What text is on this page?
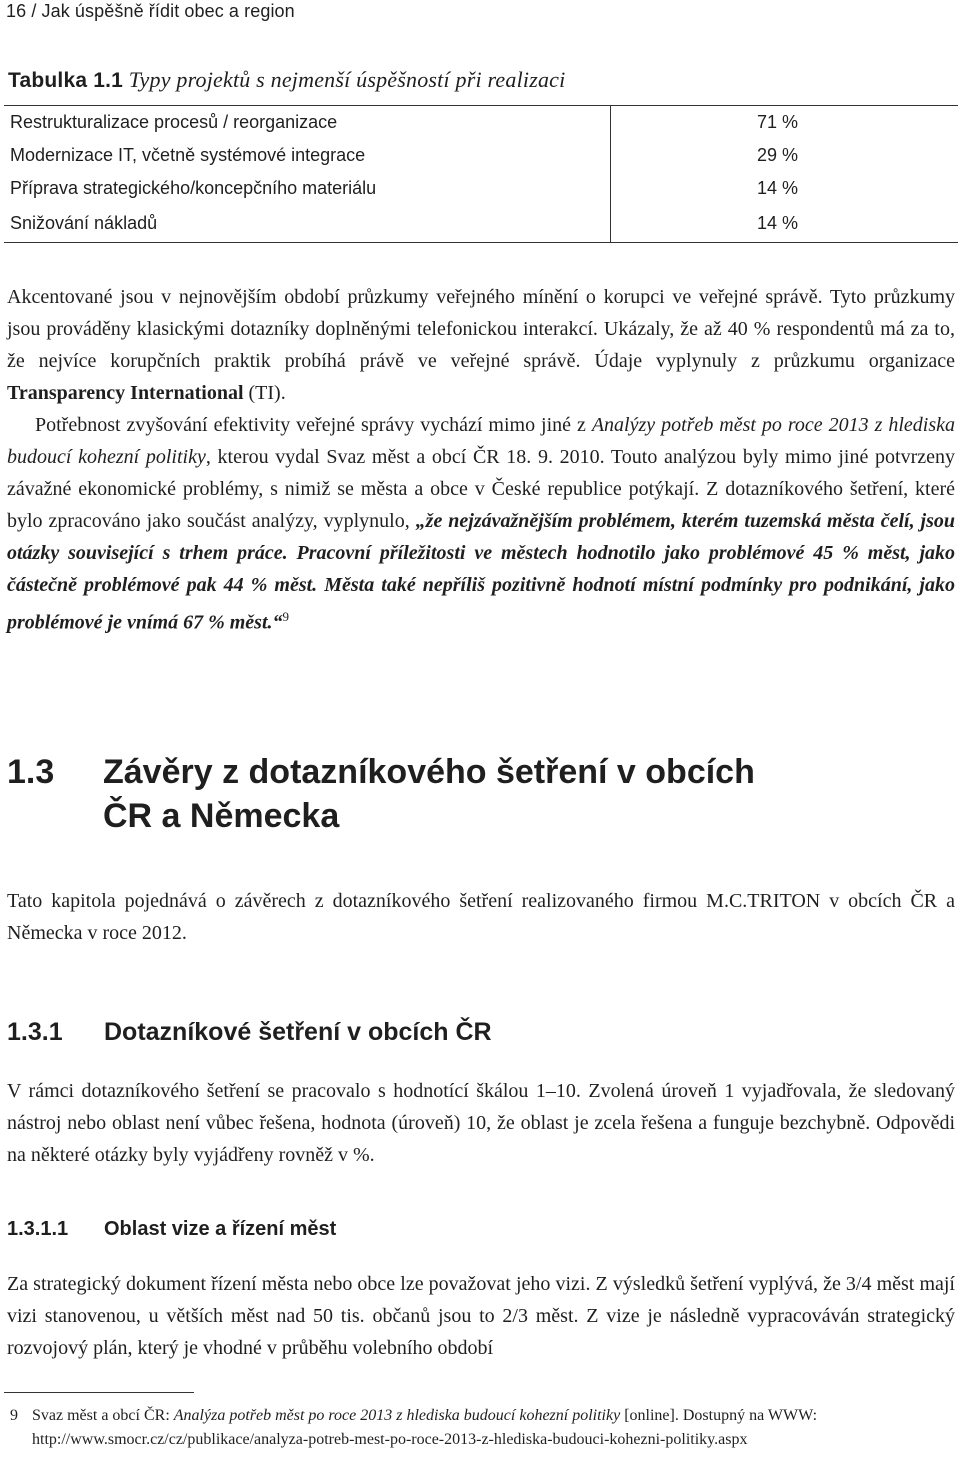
16 / Jak úspěšně řídit obec a region
Tabulka 1.1 Typy projektů s nejmenší úspěšností při realizaci
Restrukturalizace procesů / reorganizace	71 %
Modernizace IT, včetně systémové integrace	29 %
Příprava strategického/koncepčního materiálu	14 %
Snižování nákladů	14 %
Akcentované jsou v nejnovějším období průzkumy veřejného mínění o korupci ve veřejné správě. Tyto průzkumy jsou prováděny klasickými dotazníky doplněnými telefonickou interakcí. Ukázaly, že až 40 % respondentů má za to, že nejvíce korupčních praktik probíhá právě ve veřejné správě. Údaje vyplynuly z průzkumu organizace Transparency International (TI).
Potřebnost zvyšování efektivity veřejné správy vychází mimo jiné z Analýzy potřeb měst po roce 2013 z hlediska budoucí kohezní politiky, kterou vydal Svaz měst a obcí ČR 18. 9. 2010. Touto analýzou byly mimo jiné potvrzeny závažné ekonomické problémy, s nimiž se města a obce v České republice potýkají. Z dotazníkového šetření, které bylo zpracováno jako součást analýzy, vyplynulo, „že nejzávažnějším problémem, kterém tuzemská města čelí, jsou otázky související s trhem práce. Pracovní příležitosti ve městech hodnotilo jako problémové 45 % měst, jako částečně problémové pak 44 % měst. Města také nepříliš pozitivně hodnotí místní podmínky pro podnikání, jako problémové je vnímá 67 % měst.“$^9$
1.3 Závěry z dotazníkového šetření v obcích ČR a Německa
Tato kapitola pojednává o závěrech z dotazníkového šetření realizovaného firmou M.C.TRITON v obcích ČR a Německa v roce 2012.
1.3.1 Dotazníkové šetření v obcích ČR
V rámci dotazníkového šetření se pracovalo s hodnotící škálou 1–10. Zvolená úroveň 1 vyjadřovala, že sledovaný nástroj nebo oblast není vůbec řešena, hodnota (úroveň) 10, že oblast je zcela řešena a funguje bezchybně. Odpovědi na některé otázky byly vyjádřeny rovněž v %.
1.3.1.1 Oblast vize a řízení měst
Za strategický dokument řízení města nebo obce lze považovat jeho vizi. Z výsledků šetření vyplývá, že 3/4 měst mají vizi stanovenou, u větších měst nad 50 tis. občanů jsou to 2/3 měst. Z vize je následně vypracováván strategický rozvojový plán, který je vhodné v průběhu volebního období
9 Svaz měst a obcí ČR: Analýza potřeb měst po roce 2013 z hlediska budoucí kohezní politiky [online]. Dostupný na WWW: http://www.smocr.cz/cz/publikace/analyza-potreb-mest-po-roce-2013-z-hlediska-budouci-kohezni-politiky.aspx
